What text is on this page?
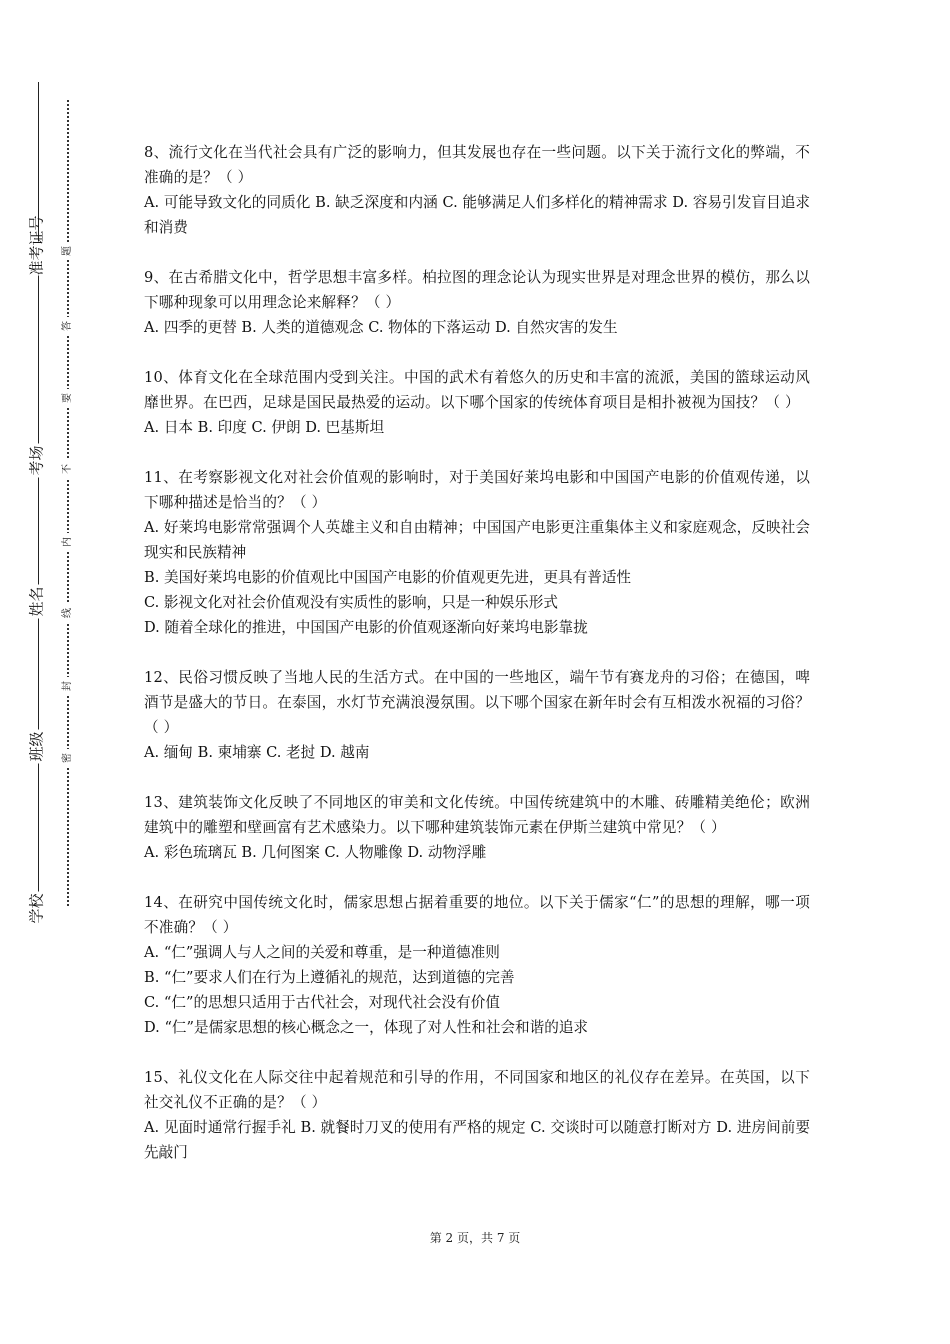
准考证号
考场
姓名
班级
学校
题
答
要
不
内
线
封
密

8、流行文化在当代社会具有广泛的影响力，但其发展也存在一些问题。以下关于流行文化的弊端，不准确的是？（ ）

A. 可能导致文化的同质化 B. 缺乏深度和内涵 C. 能够满足人们多样化的精神需求 D. 容易引发盲目追求和消费

9、在古希腊文化中，哲学思想丰富多样。柏拉图的理念论认为现实世界是对理念世界的模仿，那么以下哪种现象可以用理念论来解释？（ ）

A. 四季的更替 B. 人类的道德观念 C. 物体的下落运动 D. 自然灾害的发生

10、体育文化在全球范围内受到关注。中国的武术有着悠久的历史和丰富的流派，美国的篮球运动风靡世界。在巴西，足球是国民最热爱的运动。以下哪个国家的传统体育项目是相扑被视为国技？（ ）

A. 日本 B. 印度 C. 伊朗 D. 巴基斯坦

11、在考察影视文化对社会价值观的影响时，对于美国好莱坞电影和中国国产电影的价值观传递，以下哪种描述是恰当的？（ ）

A. 好莱坞电影常常强调个人英雄主义和自由精神；中国国产电影更注重集体主义和家庭观念，反映社会现实和民族精神

B. 美国好莱坞电影的价值观比中国国产电影的价值观更先进，更具有普适性

C. 影视文化对社会价值观没有实质性的影响，只是一种娱乐形式

D. 随着全球化的推进，中国国产电影的价值观逐渐向好莱坞电影靠拢

12、民俗习惯反映了当地人民的生活方式。在中国的一些地区，端午节有赛龙舟的习俗；在德国，啤酒节是盛大的节日。在泰国，水灯节充满浪漫氛围。以下哪个国家在新年时会有互相泼水祝福的习俗？（ ）

A. 缅甸 B. 柬埔寨 C. 老挝 D. 越南

13、建筑装饰文化反映了不同地区的审美和文化传统。中国传统建筑中的木雕、砖雕精美绝伦；欧洲建筑中的雕塑和壁画富有艺术感染力。以下哪种建筑装饰元素在伊斯兰建筑中常见？（ ）

A. 彩色琉璃瓦 B. 几何图案 C. 人物雕像 D. 动物浮雕

14、在研究中国传统文化时，儒家思想占据着重要的地位。以下关于儒家“仁”的思想的理解，哪一项不准确？（ ）

A. “仁”强调人与人之间的关爱和尊重，是一种道德准则

B. “仁”要求人们在行为上遵循礼的规范，达到道德的完善

C. “仁”的思想只适用于古代社会，对现代社会没有价值

D. “仁”是儒家思想的核心概念之一，体现了对人性和社会和谐的追求

15、礼仪文化在人际交往中起着规范和引导的作用，不同国家和地区的礼仪存在差异。在英国，以下社交礼仪不正确的是？（ ）

A. 见面时通常行握手礼 B. 就餐时刀叉的使用有严格的规定 C. 交谈时可以随意打断对方 D. 进房间前要先敲门

第 2 页，共 7 页
